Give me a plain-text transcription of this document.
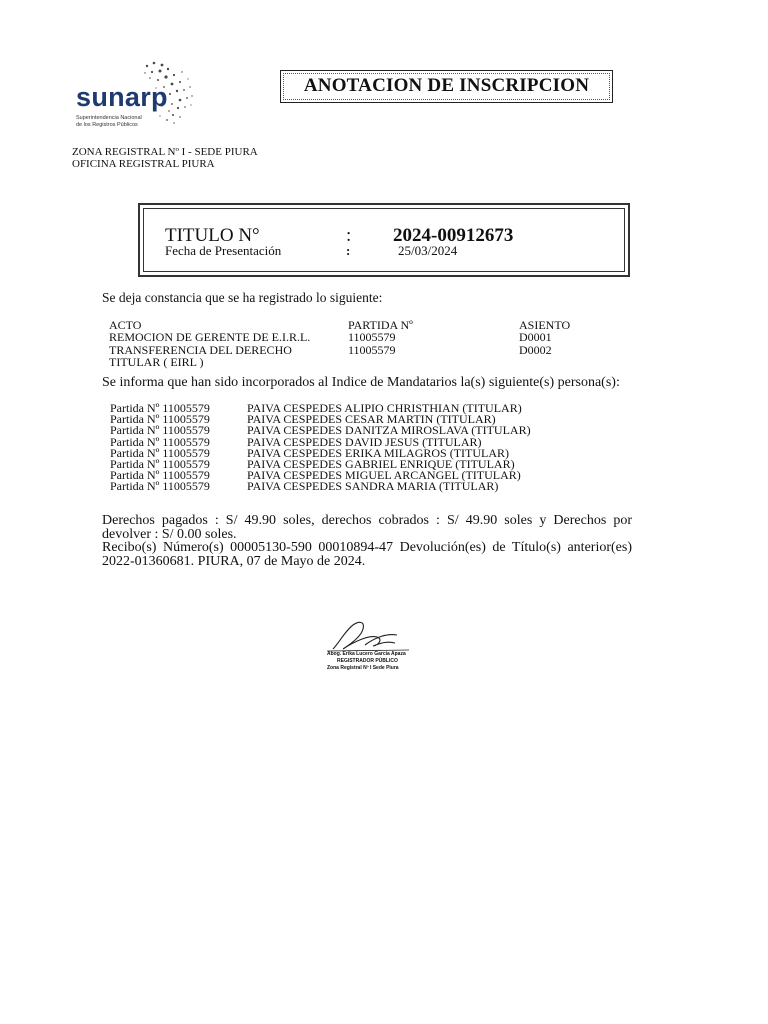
sunarp
Superintendencia Nacional
de los Registros Públicos
ANOTACION DE INSCRIPCION
ZONA REGISTRAL Nº I - SEDE PIURA
OFICINA REGISTRAL PIURA
TITULO N°	: 2024-00912673
Fecha de Presentación	:	25/03/2024
Se deja constancia que se ha registrado lo siguiente:
ACTO	PARTIDA Nº	ASIENTO
REMOCION DE GERENTE DE E.I.R.L.	11005579	D0001
TRANSFERENCIA DEL DERECHO	11005579	D0002
TITULAR ( EIRL )
Se informa que han sido incorporados al Indice de Mandatarios la(s) siguiente(s) persona(s):
Partida Nº 11005579	PAIVA CESPEDES ALIPIO CHRISTHIAN (TITULAR)
Partida Nº 11005579	PAIVA CESPEDES CESAR MARTIN (TITULAR)
Partida Nº 11005579	PAIVA CESPEDES DANITZA MIROSLAVA (TITULAR)
Partida Nº 11005579	PAIVA CESPEDES DAVID JESUS (TITULAR)
Partida Nº 11005579	PAIVA CESPEDES ERIKA MILAGROS (TITULAR)
Partida Nº 11005579	PAIVA CESPEDES GABRIEL ENRIQUE (TITULAR)
Partida Nº 11005579	PAIVA CESPEDES MIGUEL ARCANGEL (TITULAR)
Partida Nº 11005579	PAIVA CESPEDES SANDRA MARIA (TITULAR)
Derechos pagados : S/ 49.90 soles, derechos cobrados : S/ 49.90 soles y Derechos por devolver : S/ 0.00 soles.
Recibo(s) Número(s) 00005130-590 00010894-47 Devolución(es) de Título(s) anterior(es) 2022-01360681. PIURA, 07 de Mayo de 2024.
Abog. Erika Lucero Garcia Apaza
REGISTRADOR PÚBLICO
Zona Registral Nº I Sede Piura
